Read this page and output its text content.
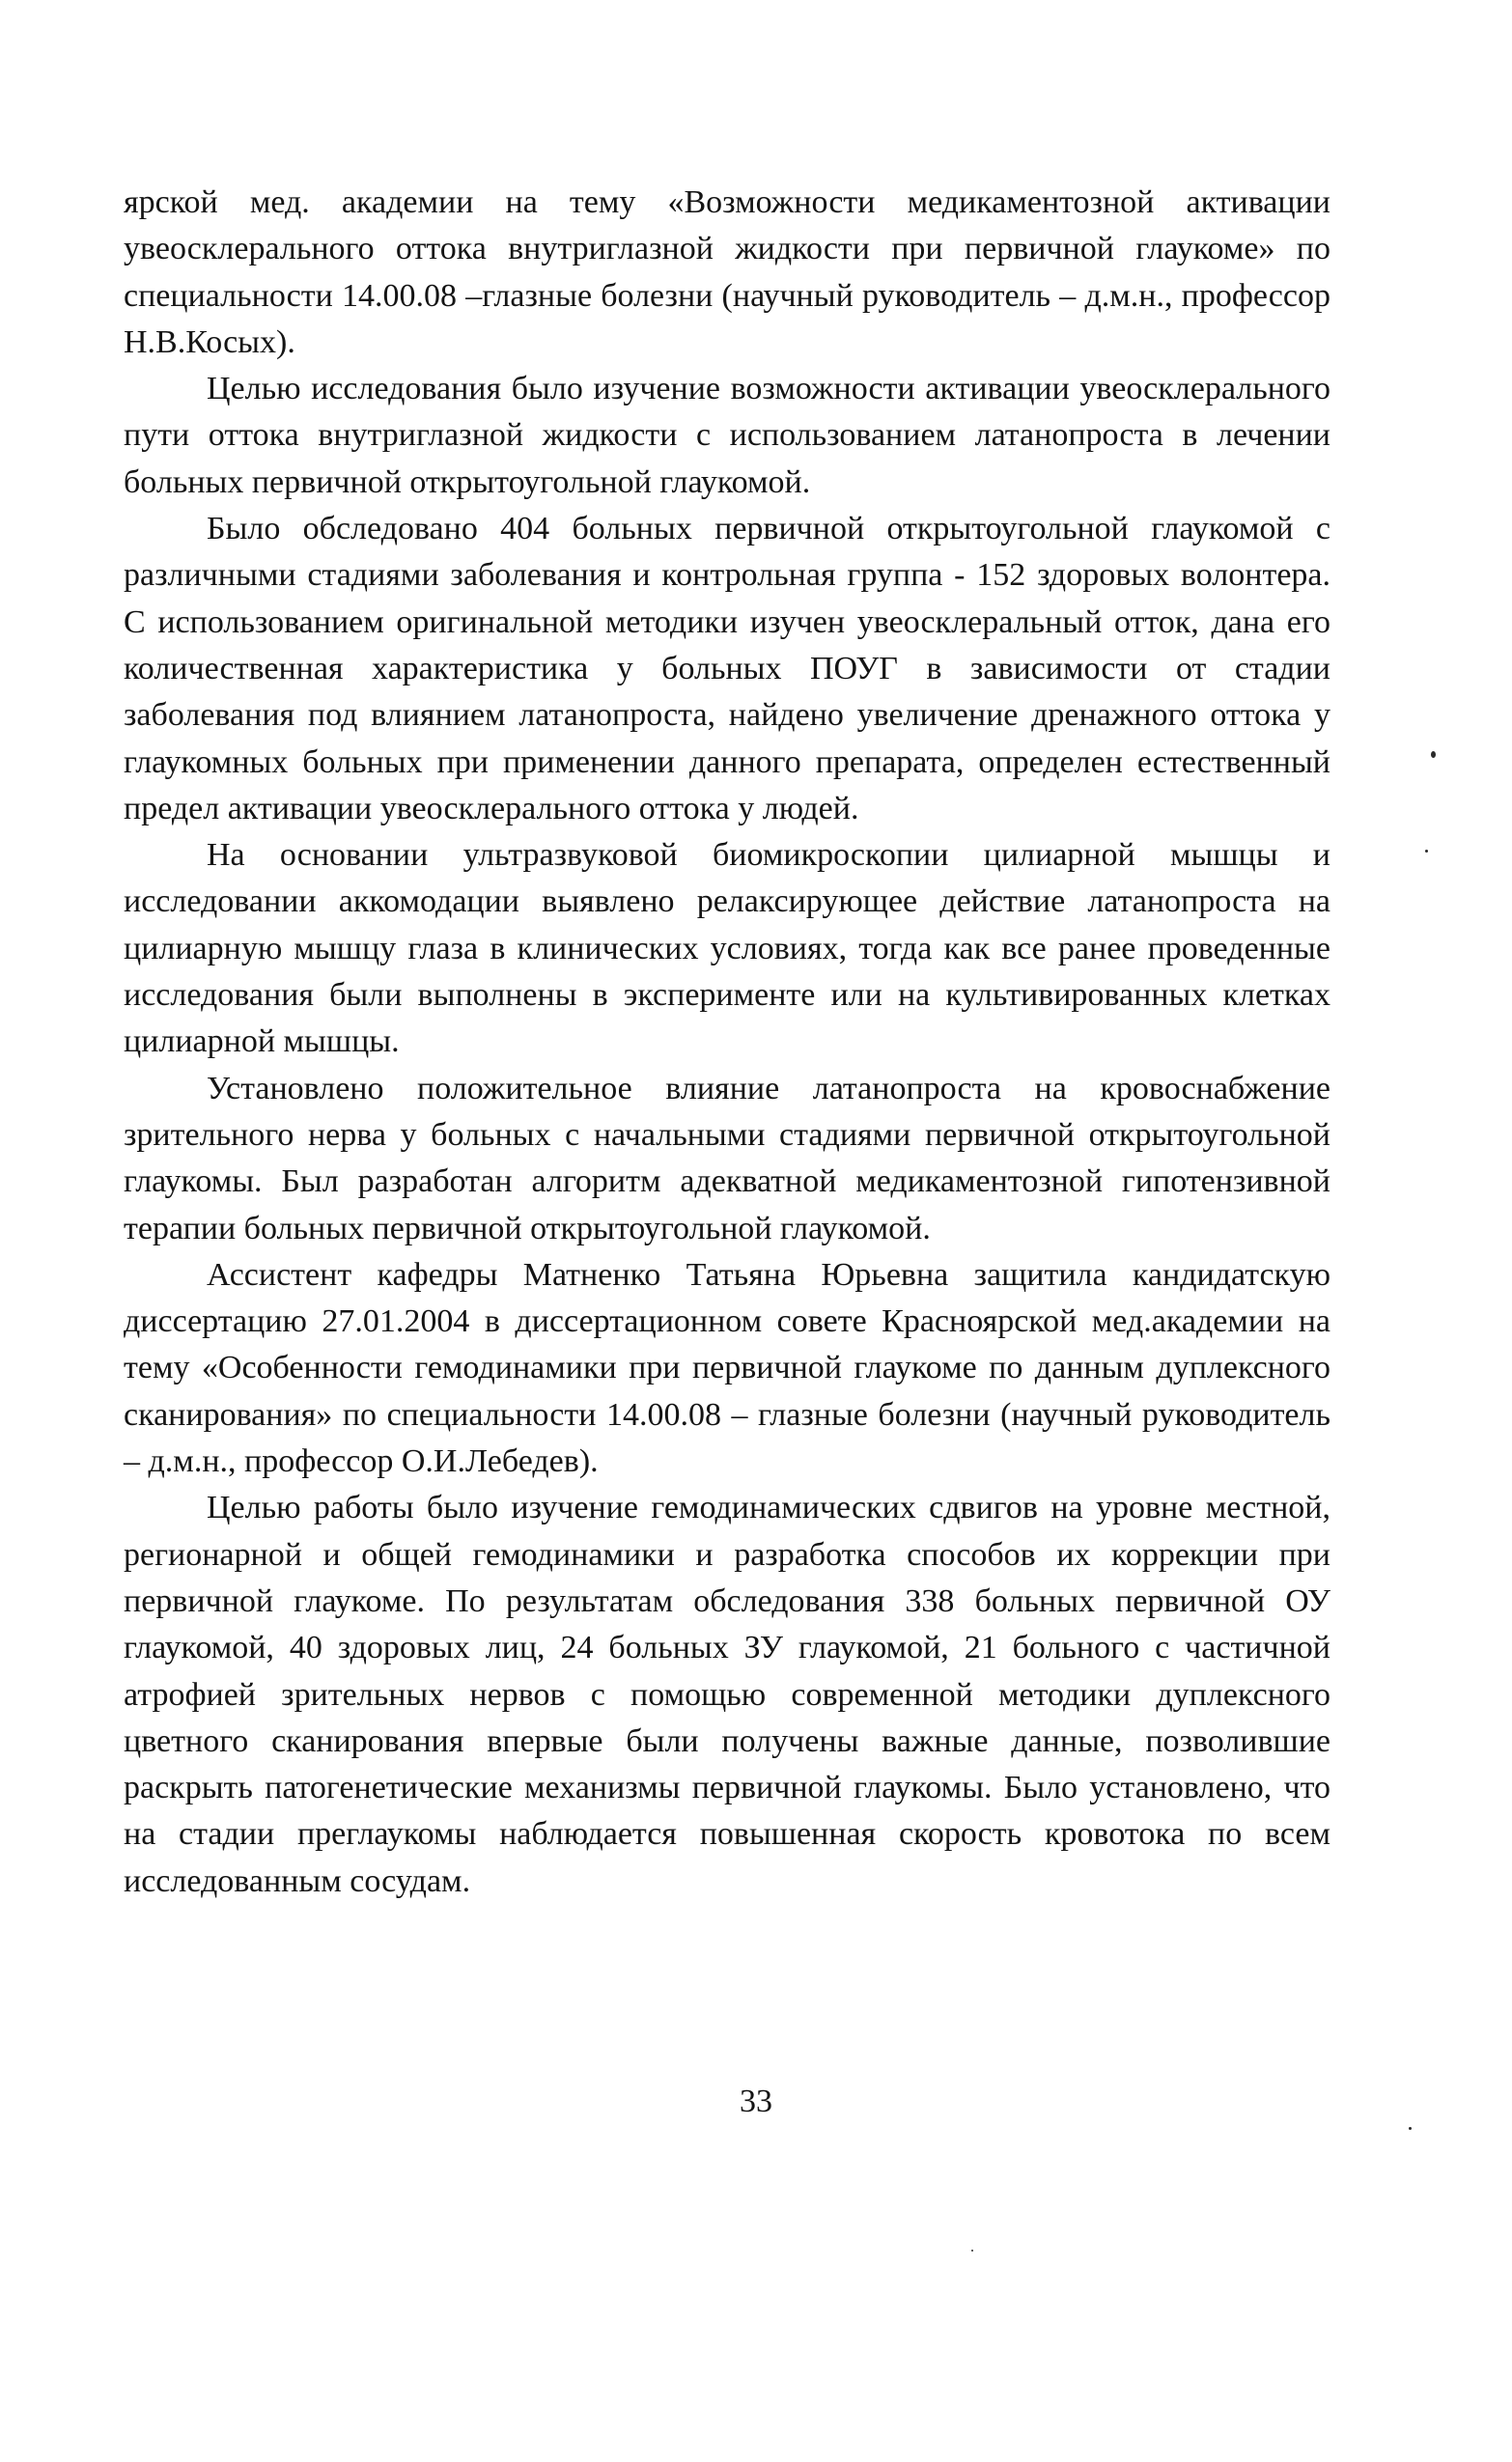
ярской мед. академии на тему «Возможности медикаментозной активации увеосклерального оттока внутриглазной жидкости при первичной глаукоме» по специальности 14.00.08 –глазные болезни (научный руководитель – д.м.н., профессор Н.В.Косых).

Целью исследования было изучение возможности активации увеосклерального пути оттока внутриглазной жидкости с использованием латанопроста в лечении больных первичной открытоугольной глаукомой.

Было обследовано 404 больных первичной открытоугольной глаукомой с различными стадиями заболевания и контрольная группа - 152 здоровых волонтера. С использованием оригинальной методики изучен увеосклеральный отток, дана его количественная характеристика у больных ПОУГ в зависимости от стадии заболевания под влиянием латанопроста, найдено увеличение дренажного оттока у глаукомных больных при применении данного препарата, определен естественный предел активации увеосклерального оттока у людей.

На основании ультразвуковой биомикроскопии цилиарной мышцы и исследовании аккомодации выявлено релаксирующее действие латанопроста на цилиарную мышцу глаза в клинических условиях, тогда как все ранее проведенные исследования были выполнены в эксперименте или на культивированных клетках цилиарной мышцы.

Установлено положительное влияние латанопроста на кровоснабжение зрительного нерва у больных с начальными стадиями первичной открытоугольной глаукомы. Был разработан алгоритм адекватной медикаментозной гипотензивной терапии больных первичной открытоугольной глаукомой.

Ассистент кафедры Матненко Татьяна Юрьевна защитила кандидатскую диссертацию 27.01.2004 в диссертационном совете Красноярской мед.академии на тему «Особенности гемодинамики при первичной глаукоме по данным дуплексного сканирования» по специальности 14.00.08 – глазные болезни (научный руководитель – д.м.н., профессор О.И.Лебедев).

Целью работы было изучение гемодинамических сдвигов на уровне местной, регионарной и общей гемодинамики и разработка способов их коррекции при первичной глаукоме. По результатам обследования 338 больных первичной ОУ глаукомой, 40 здоровых лиц, 24 больных ЗУ глаукомой, 21 больного с частичной атрофией зрительных нервов с помощью современной методики дуплексного цветного сканирования впервые были получены важные данные, позволившие раскрыть патогенетические механизмы первичной глаукомы. Было установлено, что на стадии преглаукомы наблюдается повышенная скорость кровотока по всем исследованным сосудам.

33
